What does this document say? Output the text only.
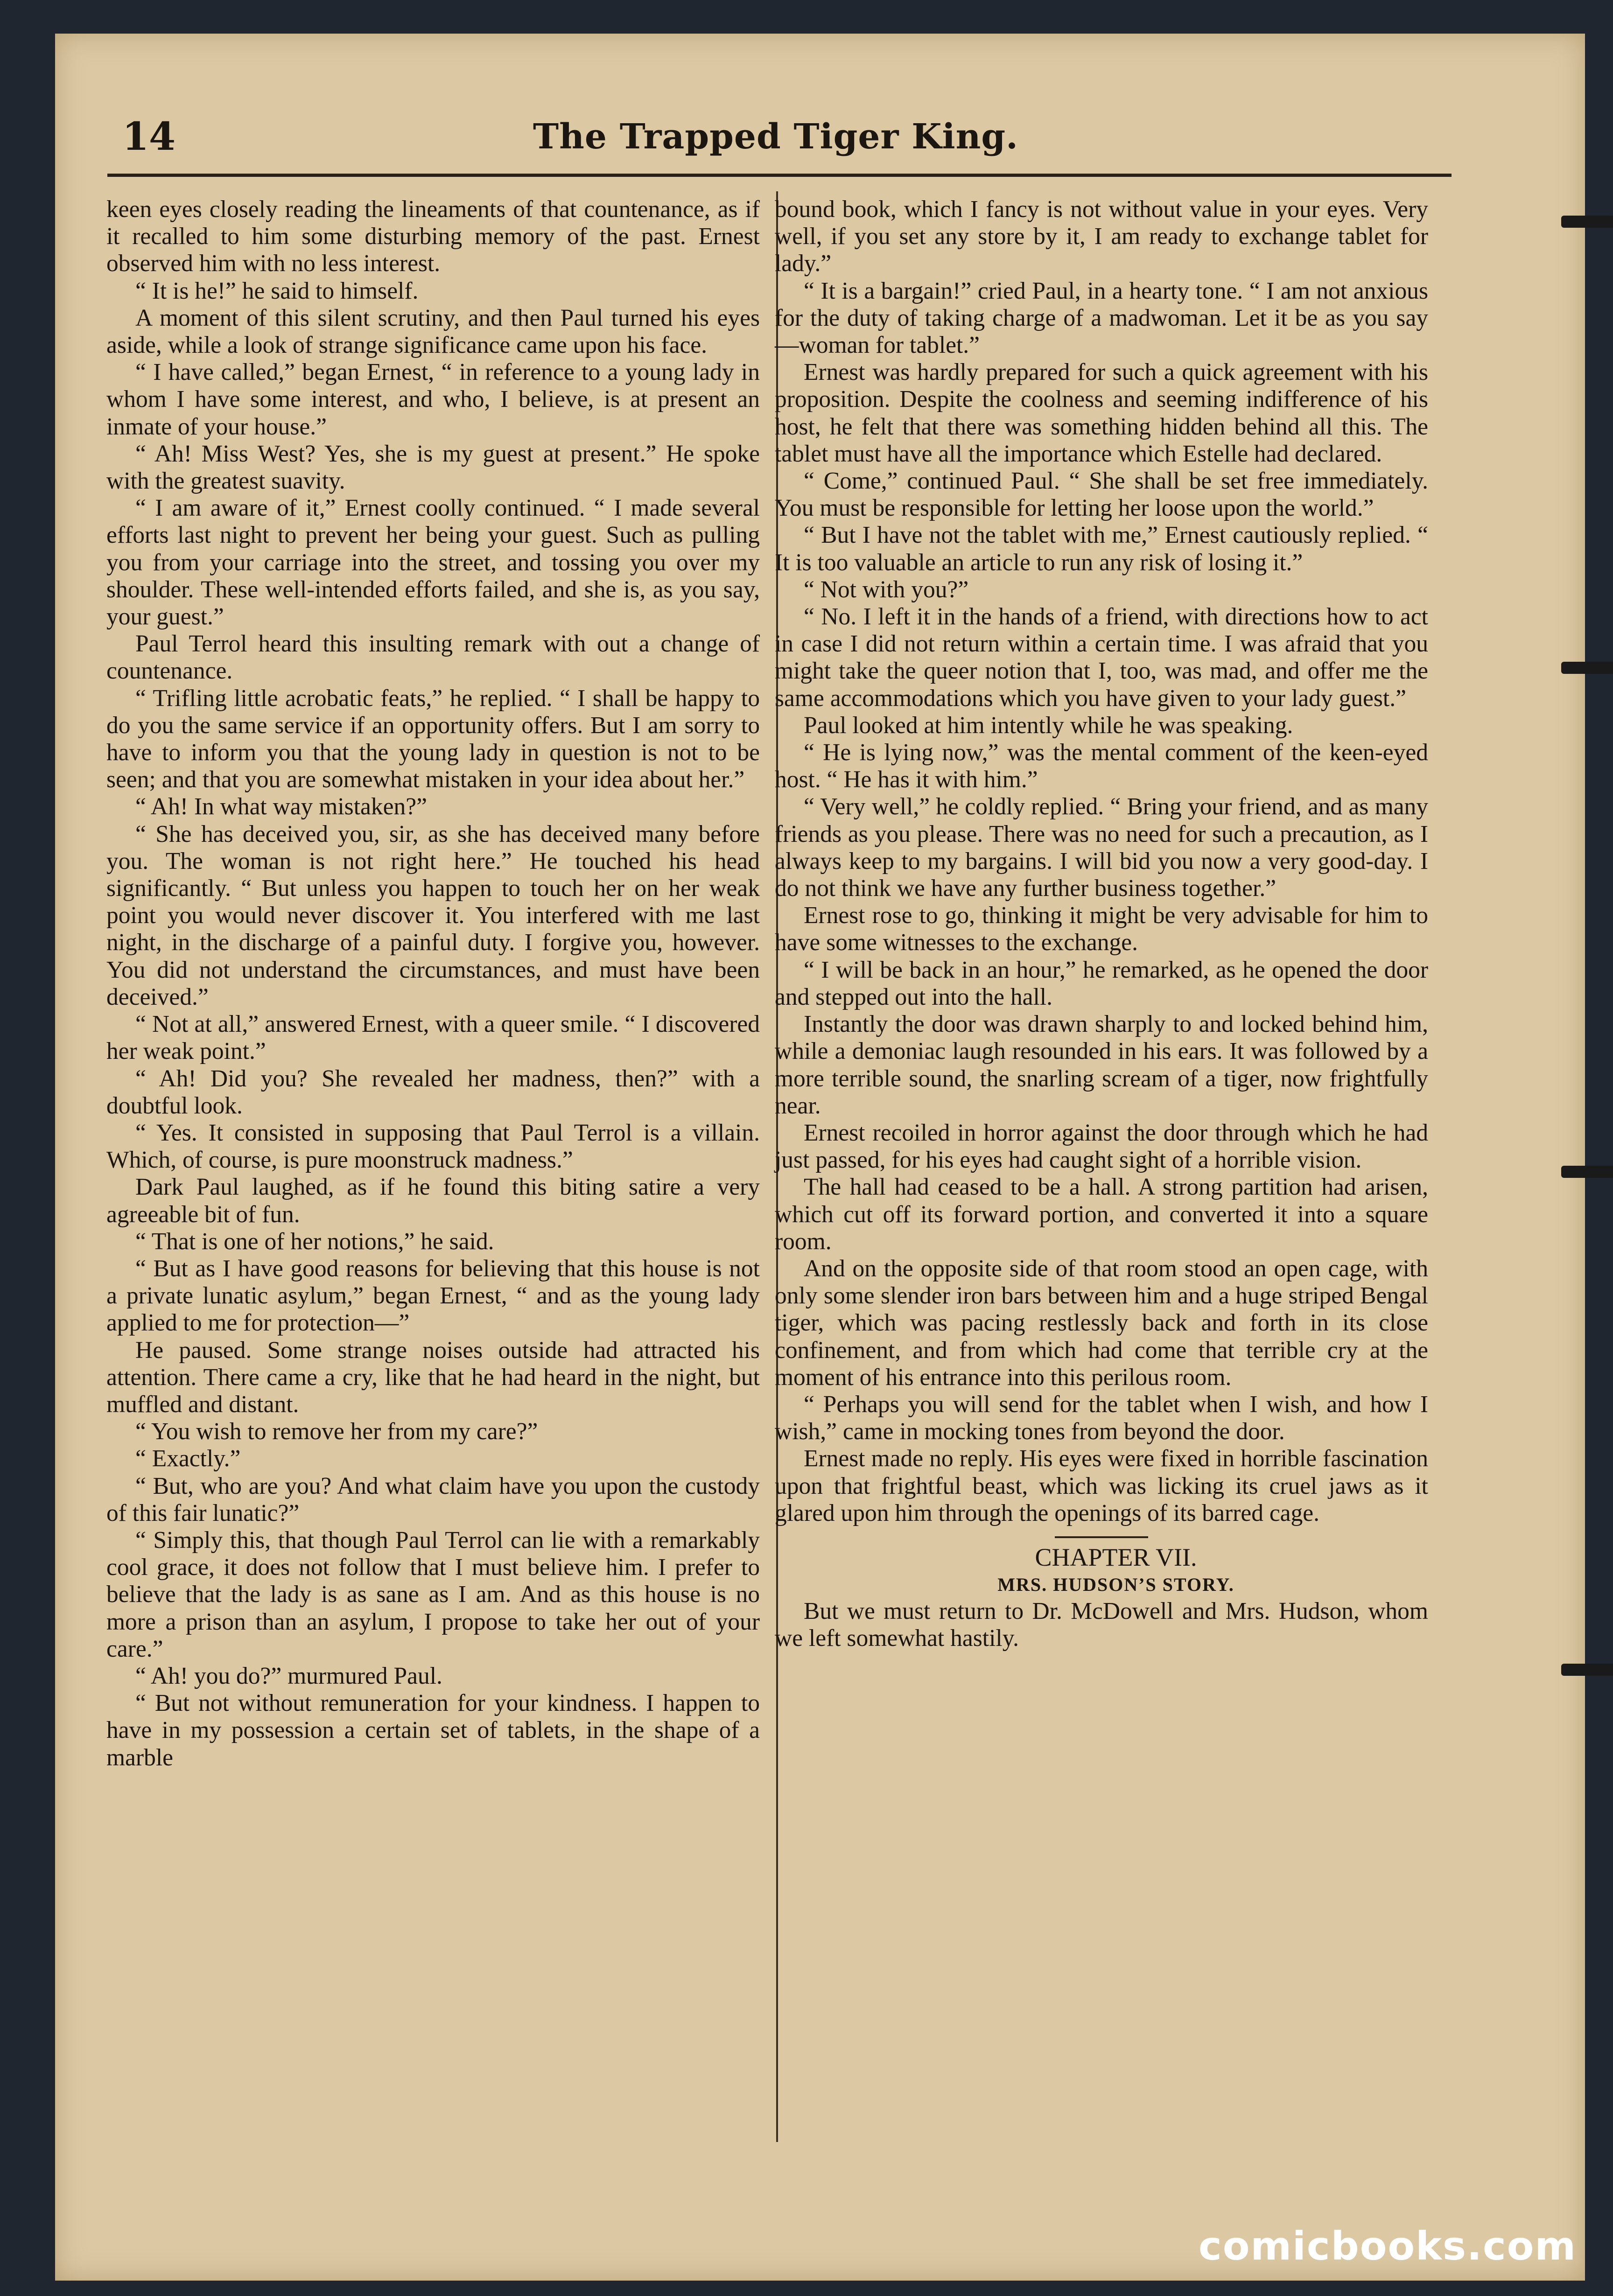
14	The Trapped Tiger King.

keen eyes closely reading the lineaments of that countenance, as if it recalled to him some disturbing memory of the past. Ernest observed him with no less interest.

“ It is he!” he said to himself.

A moment of this silent scrutiny, and then Paul turned his eyes aside, while a look of strange significance came upon his face.

“ I have called,” began Ernest, “ in reference to a young lady in whom I have some interest, and who, I believe, is at present an inmate of your house.”

“ Ah! Miss West? Yes, she is my guest at present.” He spoke with the greatest suavity.

“ I am aware of it,” Ernest coolly continued. “ I made several efforts last night to prevent her being your guest. Such as pulling you from your carriage into the street, and tossing you over my shoulder. These well-intended efforts failed, and she is, as you say, your guest.”

Paul Terrol heard this insulting remark with out a change of countenance.

“ Trifling little acrobatic feats,” he replied. “ I shall be happy to do you the same service if an opportunity offers. But I am sorry to have to inform you that the young lady in question is not to be seen; and that you are somewhat mistaken in your idea about her.”

“ Ah! In what way mistaken?”

“ She has deceived you, sir, as she has deceived many before you. The woman is not right here.” He touched his head significantly. “ But unless you happen to touch her on her weak point you would never discover it. You interfered with me last night, in the discharge of a painful duty. I forgive you, however. You did not understand the circumstances, and must have been deceived.”

“ Not at all,” answered Ernest, with a queer smile. “ I discovered her weak point.”

“ Ah! Did you? She revealed her madness, then?” with a doubtful look.

“ Yes. It consisted in supposing that Paul Terrol is a villain. Which, of course, is pure moonstruck madness.”

Dark Paul laughed, as if he found this biting satire a very agreeable bit of fun.

“ That is one of her notions,” he said.

“ But as I have good reasons for believing that this house is not a private lunatic asylum,” began Ernest, “ and as the young lady applied to me for protection—”

He paused. Some strange noises outside had attracted his attention. There came a cry, like that he had heard in the night, but muffled and distant.

“ You wish to remove her from my care?”

“ Exactly.”

“ But, who are you? And what claim have you upon the custody of this fair lunatic?”

“ Simply this, that though Paul Terrol can lie with a remarkably cool grace, it does not follow that I must believe him. I prefer to believe that the lady is as sane as I am. And as this house is no more a prison than an asylum, I propose to take her out of your care.”

“ Ah! you do?” murmured Paul.

“ But not without remuneration for your kindness. I happen to have in my possession a certain set of tablets, in the shape of a marble

bound book, which I fancy is not without value in your eyes. Very well, if you set any store by it, I am ready to exchange tablet for lady.”

“ It is a bargain!” cried Paul, in a hearty tone. “ I am not anxious for the duty of taking charge of a madwoman. Let it be as you say—woman for tablet.”

Ernest was hardly prepared for such a quick agreement with his proposition. Despite the coolness and seeming indifference of his host, he felt that there was something hidden behind all this. The tablet must have all the importance which Estelle had declared.

“ Come,” continued Paul. “ She shall be set free immediately. You must be responsible for letting her loose upon the world.”

“ But I have not the tablet with me,” Ernest cautiously replied. “ It is too valuable an article to run any risk of losing it.”

“ Not with you?”

“ No. I left it in the hands of a friend, with directions how to act in case I did not return within a certain time. I was afraid that you might take the queer notion that I, too, was mad, and offer me the same accommodations which you have given to your lady guest.”

Paul looked at him intently while he was speaking.

“ He is lying now,” was the mental comment of the keen-eyed host. “ He has it with him.”

“ Very well,” he coldly replied. “ Bring your friend, and as many friends as you please. There was no need for such a precaution, as I always keep to my bargains. I will bid you now a very good-day. I do not think we have any further business together.”

Ernest rose to go, thinking it might be very advisable for him to have some witnesses to the exchange.

“ I will be back in an hour,” he remarked, as he opened the door and stepped out into the hall.

Instantly the door was drawn sharply to and locked behind him, while a demoniac laugh resounded in his ears. It was followed by a more terrible sound, the snarling scream of a tiger, now frightfully near.

Ernest recoiled in horror against the door through which he had just passed, for his eyes had caught sight of a horrible vision.

The hall had ceased to be a hall. A strong partition had arisen, which cut off its forward portion, and converted it into a square room.

And on the opposite side of that room stood an open cage, with only some slender iron bars between him and a huge striped Bengal tiger, which was pacing restlessly back and forth in its close confinement, and from which had come that terrible cry at the moment of his entrance into this perilous room.

“ Perhaps you will send for the tablet when I wish, and how I wish,” came in mocking tones from beyond the door.

Ernest made no reply. His eyes were fixed in horrible fascination upon that frightful beast, which was licking its cruel jaws as it glared upon him through the openings of its barred cage.

CHAPTER VII.

MRS. HUDSON’S STORY.

But we must return to Dr. McDowell and Mrs. Hudson, whom we left somewhat hastily.

comicbooks.com
